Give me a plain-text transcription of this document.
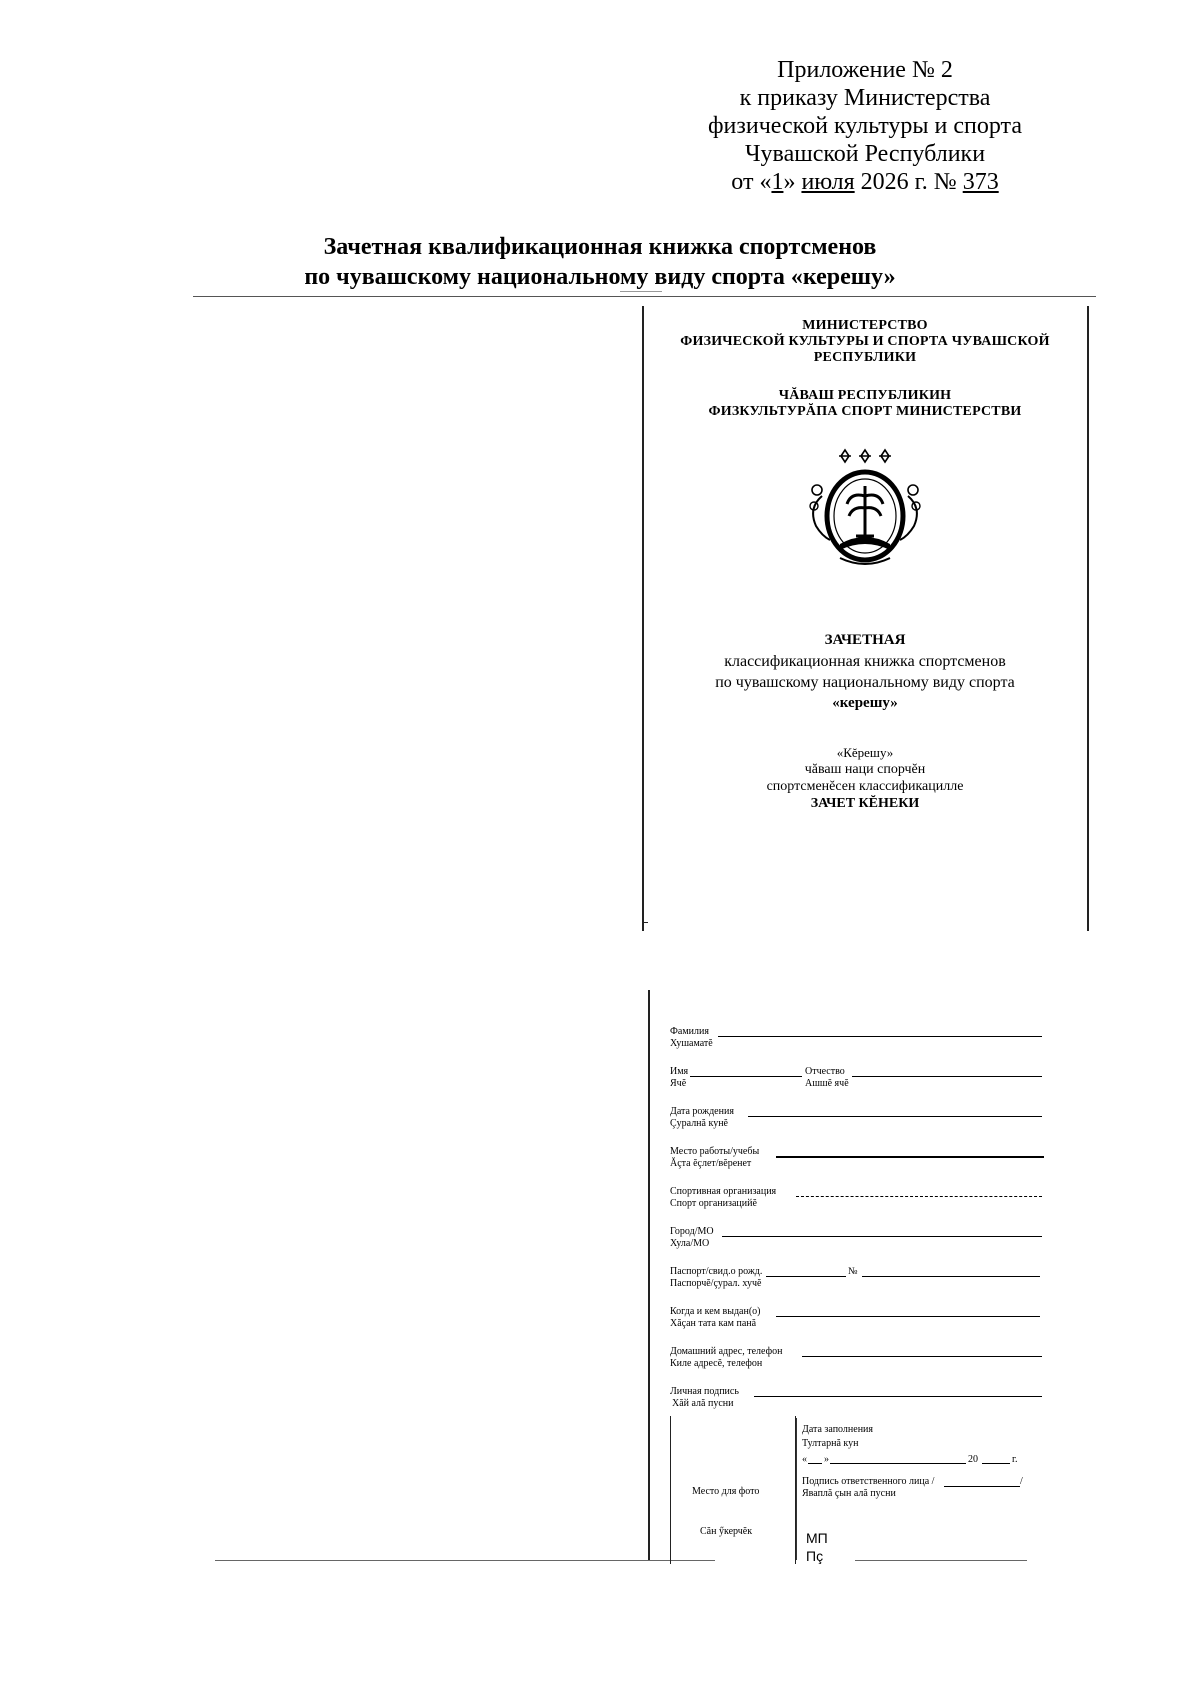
Приложение № 2
к приказу Министерства
физической культуры и спорта
Чувашской Республики
от «1» июля 2026 г. № 373
Зачетная квалификационная книжка спортсменов
по чувашскому национальному виду спорта «керешу»
МИНИСТЕРСТВО
ФИЗИЧЕСКОЙ КУЛЬТУРЫ И СПОРТА ЧУВАШСКОЙ
РЕСПУБЛИКИ
ЧĂВАШ РЕСПУБЛИКИН
ФИЗКУЛЬТУРĂПА СПОРТ МИНИСТЕРСТВИ
ЗАЧЕТНАЯ
классификационная книжка спортсменов
по чувашскому национальному виду спорта
«керешу»
«Кĕрешу»
чăваш наци спорчĕн
спортсменĕсен классификацилле
ЗАЧЕТ КĔНЕКИ
Фамилия
Хушаматĕ
Имя	Отчество
Ячĕ	Ашшĕ ячĕ
Дата рождения
Çуралнă кунĕ
Место работы/учебы
Ăçта ĕçлет/вĕренет
Спортивная организация
Спорт организацийĕ
Город/МО
Хула/МО
Паспорт/свид.о рожд.	№
Паспорчĕ/çурал. хучĕ
Когда и кем выдан(о)
Хăçан тата кам панă
Домашний адрес, телефон
Киле адресĕ, телефон
Личная подпись
Хăй алă пусни
Место для фото
Сăн ӳкерчĕк
Дата заполнения
Тултарнă кун
« »	20	г.
Подпись ответственного лица /	/
Яваплă çын алă пусни
МП
Пç
